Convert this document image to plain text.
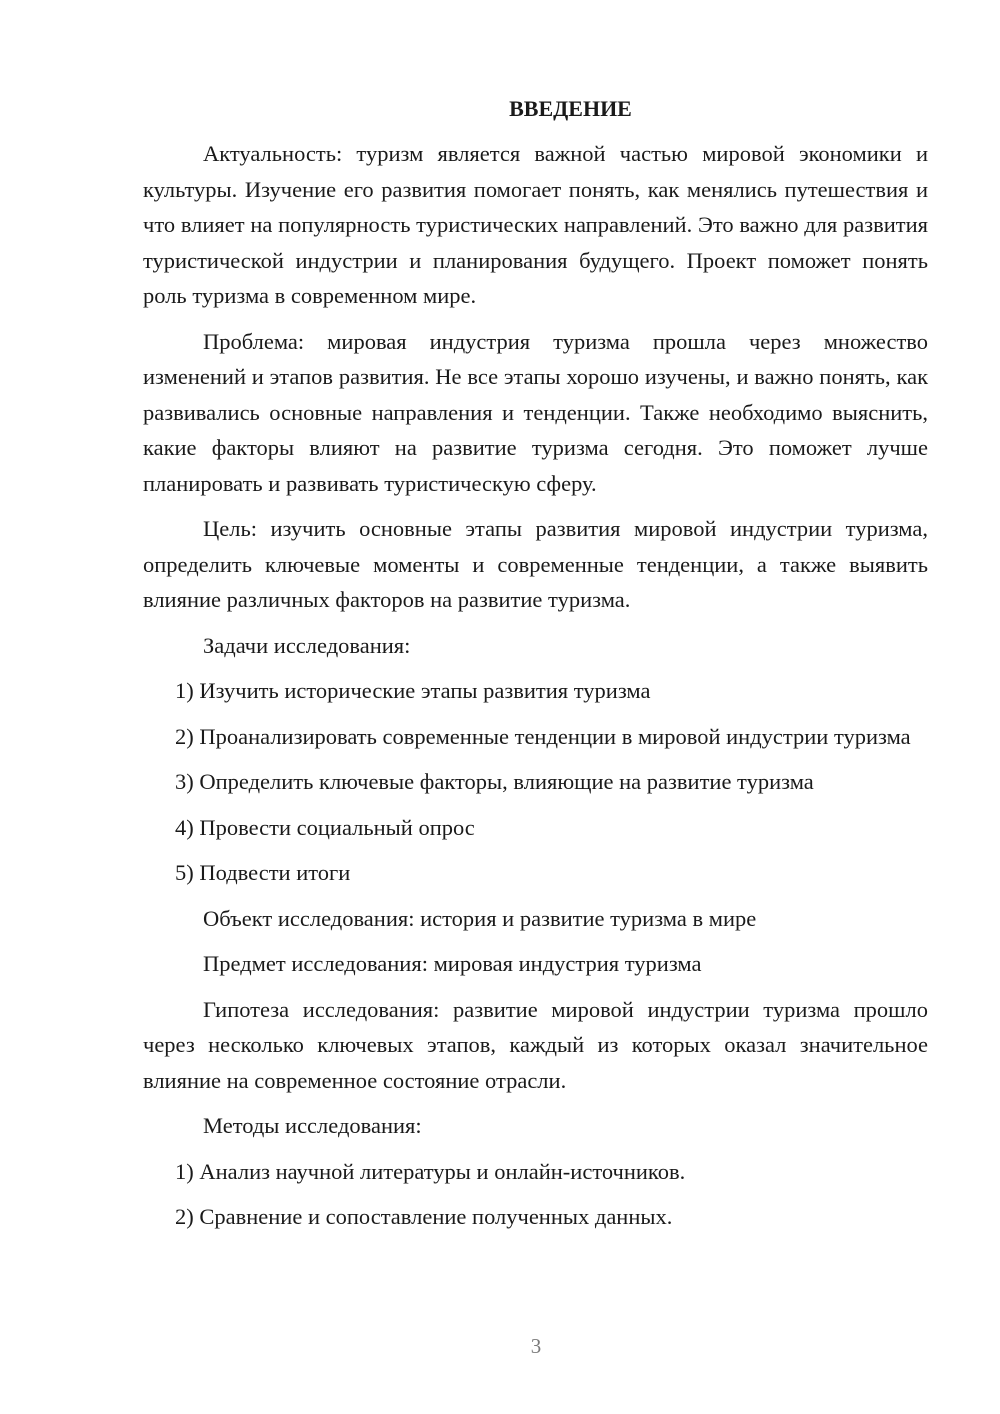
ВВЕДЕНИЕ

Актуальность: туризм является важной частью мировой экономики и культуры. Изучение его развития помогает понять, как менялись путешествия и что влияет на популярность туристических направлений. Это важно для развития туристической индустрии и планирования будущего. Проект поможет понять роль туризма в современном мире.

Проблема: мировая индустрия туризма прошла через множество изменений и этапов развития. Не все этапы хорошо изучены, и важно понять, как развивались основные направления и тенденции. Также необходимо выяснить, какие факторы влияют на развитие туризма сегодня. Это поможет лучше планировать и развивать туристическую сферу.

Цель: изучить основные этапы развития мировой индустрии туризма, определить ключевые моменты и современные тенденции, а также выявить влияние различных факторов на развитие туризма.

Задачи исследования:

1) Изучить исторические этапы развития туризма

2) Проанализировать современные тенденции в мировой индустрии туризма

3) Определить ключевые факторы, влияющие на развитие туризма

4) Провести социальный опрос

5) Подвести итоги

Объект исследования: история и развитие туризма в мире

Предмет исследования: мировая индустрия туризма

Гипотеза исследования: развитие мировой индустрии туризма прошло через несколько ключевых этапов, каждый из которых оказал значительное влияние на современное состояние отрасли.

Методы исследования:

1) Анализ научной литературы и онлайн-источников.

2) Сравнение и сопоставление полученных данных.

3
